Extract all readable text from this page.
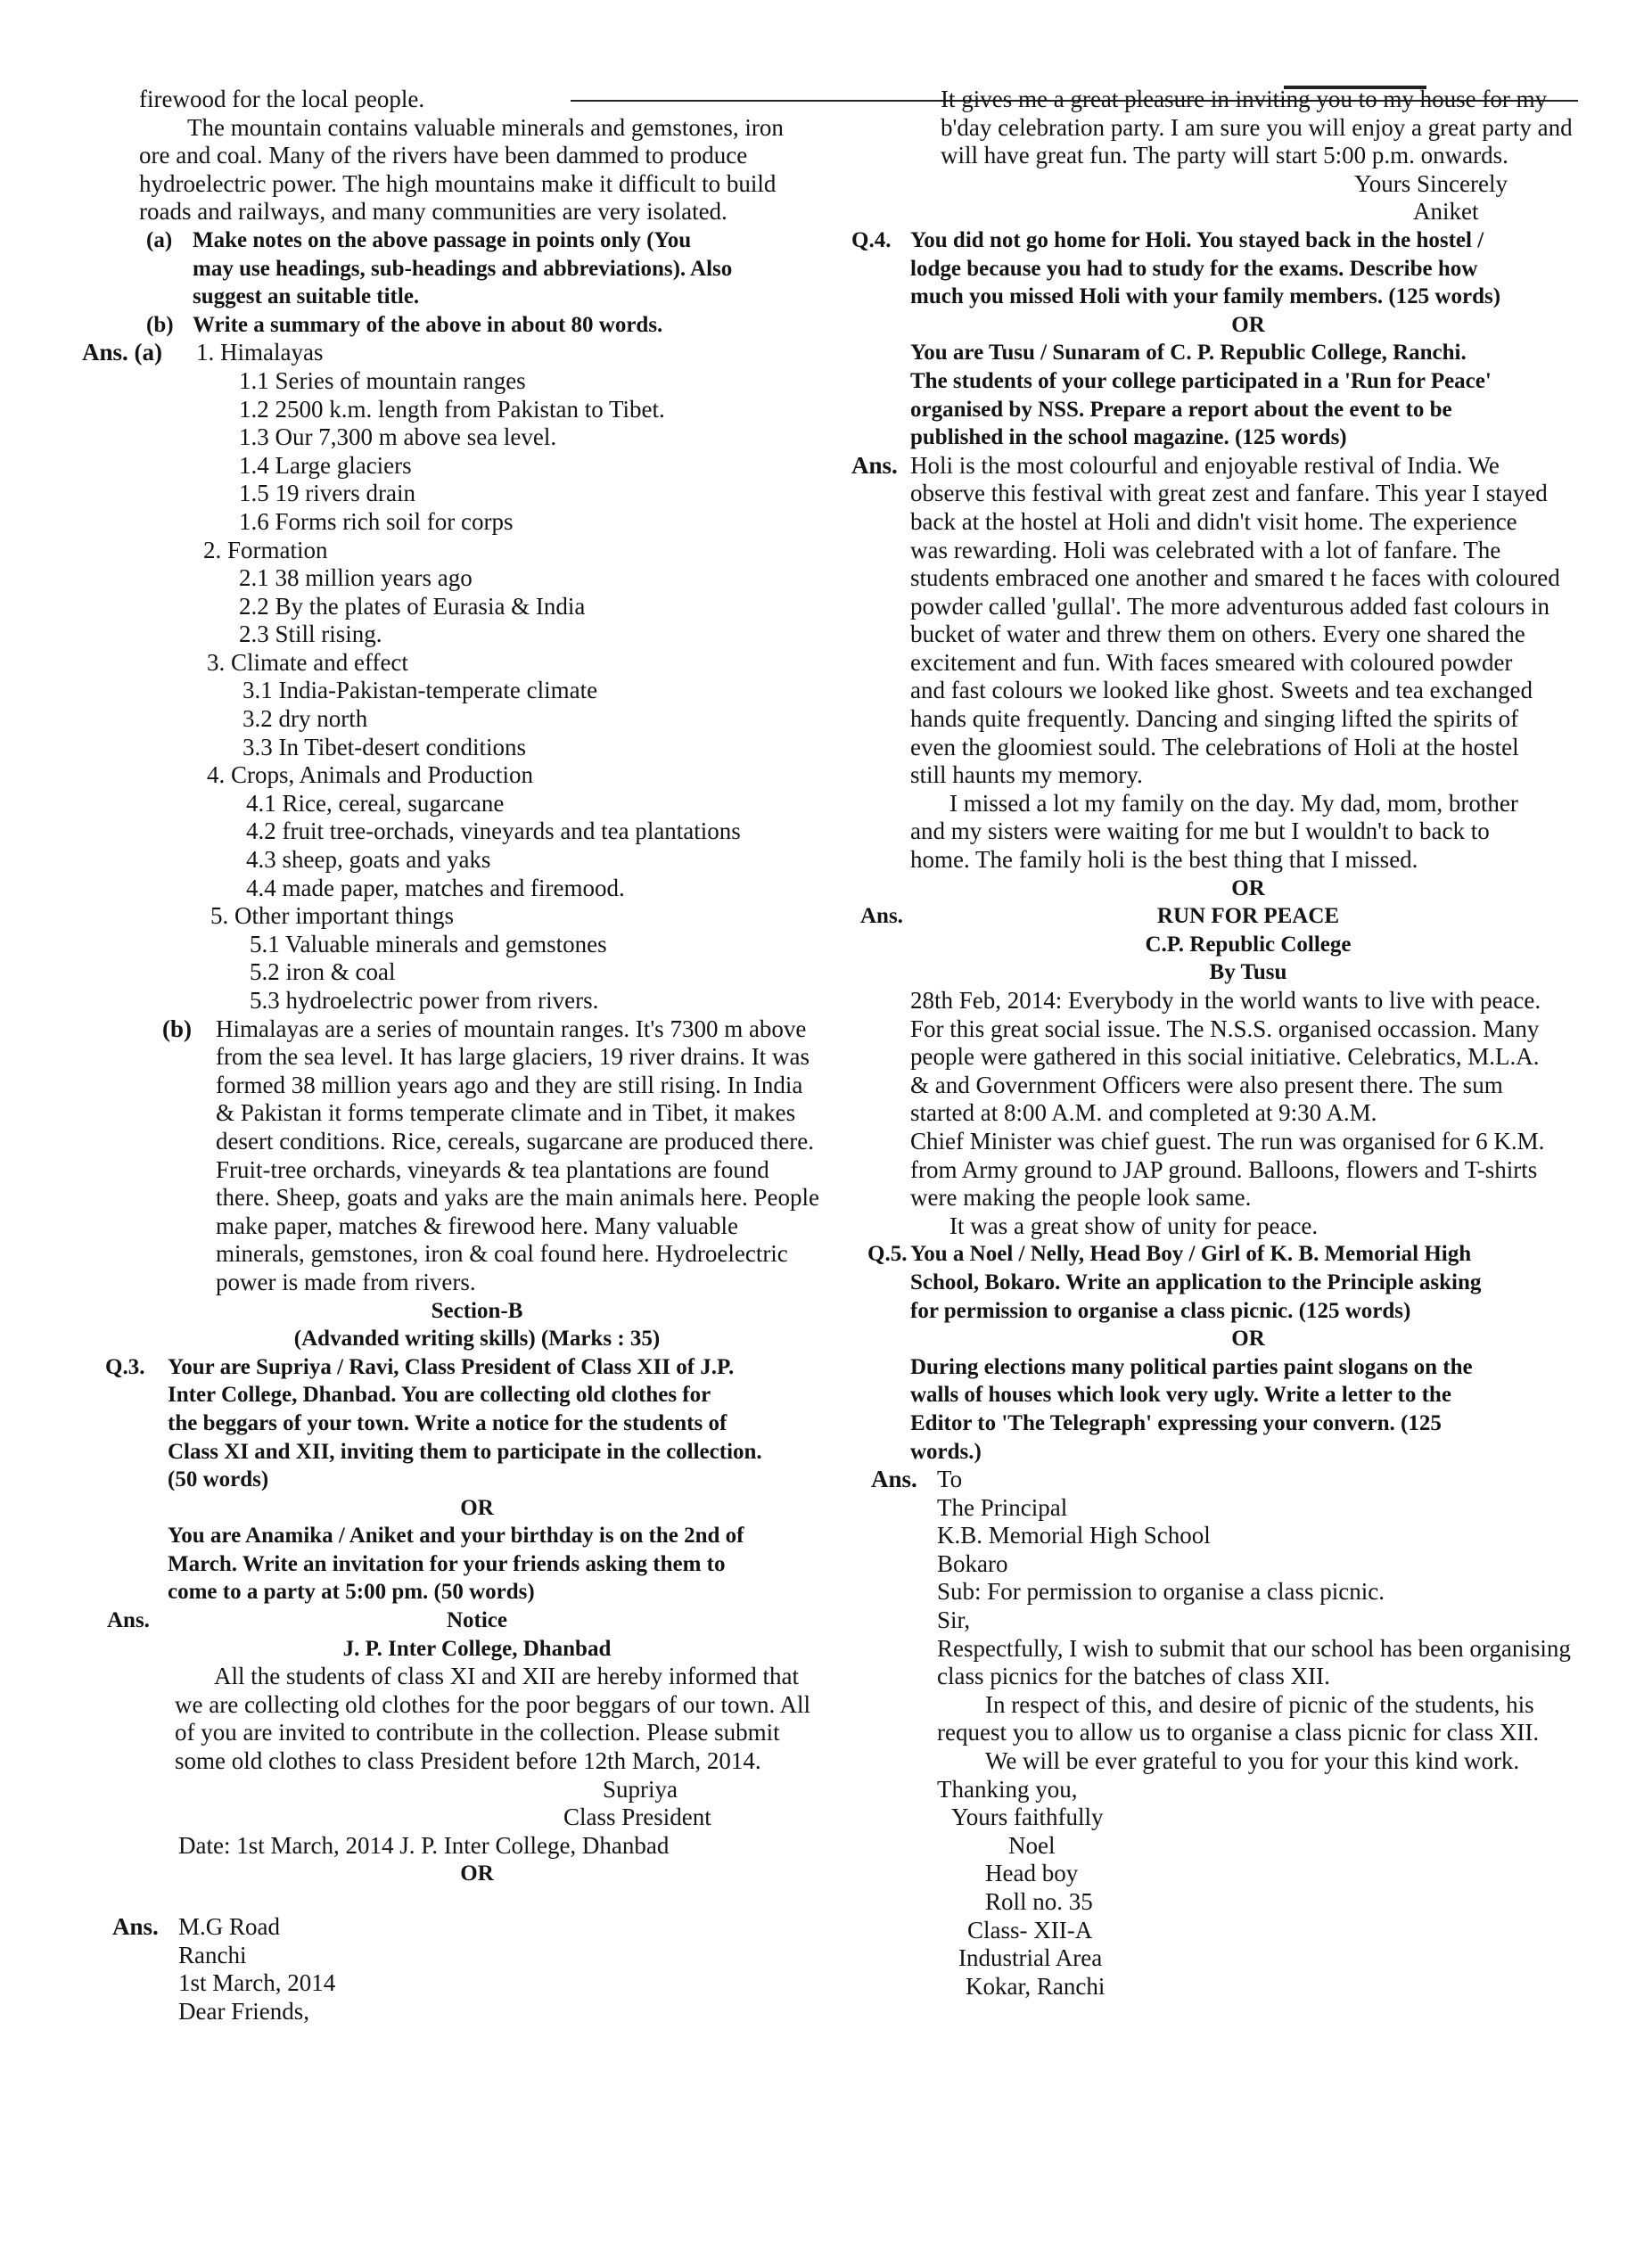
firewood for the local people.
The mountain contains valuable minerals and gemstones, iron
ore and coal. Many of the rivers have been dammed to produce
hydroelectric power. The high mountains make it difficult to build
roads and railways, and many communities are very isolated.
(a) Make notes on the above passage in points only (You
may use headings, sub-headings and abbreviations). Also
suggest an suitable title.
(b) Write a summary of the above in about 80 words.
Ans. (a) 1. Himalayas
1.1 Series of mountain ranges
1.2 2500 k.m. length from Pakistan to Tibet.
1.3 Our 7,300 m above sea level.
1.4 Large glaciers
1.5 19 rivers drain
1.6 Forms rich soil for corps
2. Formation
2.1 38 million years ago
2.2 By the plates of Eurasia & India
2.3 Still rising.
3. Climate and effect
3.1 India-Pakistan-temperate climate
3.2 dry north
3.3 In Tibet-desert conditions
4. Crops, Animals and Production
4.1 Rice, cereal, sugarcane
4.2 fruit tree-orchads, vineyards and tea plantations
4.3 sheep, goats and yaks
4.4 made paper, matches and firemood.
5. Other important things
5.1 Valuable minerals and gemstones
5.2 iron & coal
5.3 hydroelectric power from rivers.
(b) Himalayas are a series of mountain ranges. It's 7300 m above
from the sea level. It has large glaciers, 19 river drains. It was
formed 38 million years ago and they are still rising. In India
& Pakistan it forms temperate climate and in Tibet, it makes
desert conditions. Rice, cereals, sugarcane are produced there.
Fruit-tree orchards, vineyards & tea plantations are found
there. Sheep, goats and yaks are the main animals here. People
make paper, matches & firewood here. Many valuable
minerals, gemstones, iron & coal found here. Hydroelectric
power is made from rivers.
Section-B
(Advanded writing skills) (Marks : 35)
Q.3. Your are Supriya / Ravi, Class President of Class XII of J.P.
Inter College, Dhanbad. You are collecting old clothes for
the beggars of your town. Write a notice for the students of
Class XI and XII, inviting them to participate in the collection.
(50 words)
OR
You are Anamika / Aniket and your birthday is on the 2nd of
March. Write an invitation for your friends asking them to
come to a party at 5:00 pm. (50 words)
Ans.	Notice
J. P. Inter College, Dhanbad
All the students of class XI and XII are hereby informed that
we are collecting old clothes for the poor beggars of our town. All
of you are invited to contribute in the collection. Please submit
some old clothes to class President before 12th March, 2014.
Supriya
Class President
Date: 1st March, 2014 J. P. Inter College, Dhanbad
OR
Ans. M.G Road
Ranchi
1st March, 2014
Dear Friends,
It gives me a great pleasure in inviting you to my house for my
b'day celebration party. I am sure you will enjoy a great party and
will have great fun. The party will start 5:00 p.m. onwards.
Yours Sincerely
Aniket
Q.4. You did not go home for Holi. You stayed back in the hostel /
lodge because you had to study for the exams. Describe how
much you missed Holi with your family members. (125 words)
OR
You are Tusu / Sunaram of C. P. Republic College, Ranchi.
The students of your college participated in a 'Run for Peace'
organised by NSS. Prepare a report about the event to be
published in the school magazine. (125 words)
Ans. Holi is the most colourful and enjoyable restival of India. We
observe this festival with great zest and fanfare. This year I stayed
back at the hostel at Holi and didn't visit home. The experience
was rewarding. Holi was celebrated with a lot of fanfare. The
students embraced one another and smared t he faces with coloured
powder called 'gullal'. The more adventurous added fast colours in
bucket of water and threw them on others. Every one shared the
excitement and fun. With faces smeared with coloured powder
and fast colours we looked like ghost. Sweets and tea exchanged
hands quite frequently. Dancing and singing lifted the spirits of
even the gloomiest sould. The celebrations of Holi at the hostel
still haunts my memory.
I missed a lot my family on the day. My dad, mom, brother
and my sisters were waiting for me but I wouldn't to back to
home. The family holi is the best thing that I missed.
OR
Ans.	RUN FOR PEACE
C.P. Republic College
By Tusu
28th Feb, 2014: Everybody in the world wants to live with peace.
For this great social issue. The N.S.S. organised occassion. Many
people were gathered in this social initiative. Celebratics, M.L.A.
& and Government Officers were also present there. The sum
started at 8:00 A.M. and completed at 9:30 A.M.
Chief Minister was chief guest. The run was organised for 6 K.M.
from Army ground to JAP ground. Balloons, flowers and T-shirts
were making the people look same.
It was a great show of unity for peace.
Q.5. You a Noel / Nelly, Head Boy / Girl of K. B. Memorial High
School, Bokaro. Write an application to the Principle asking
for permission to organise a class picnic. (125 words)
OR
During elections many political parties paint slogans on the
walls of houses which look very ugly. Write a letter to the
Editor to 'The Telegraph' expressing your convern. (125
words.)
Ans. To
The Principal
K.B. Memorial High School
Bokaro
Sub: For permission to organise a class picnic.
Sir,
Respectfully, I wish to submit that our school has been organising
class picnics for the batches of class XII.
In respect of this, and desire of picnic of the students, his
request you to allow us to organise a class picnic for class XII.
We will be ever grateful to you for your this kind work.
Thanking you,
Yours faithfully
Noel
Head boy
Roll no. 35
Class- XII-A
Industrial Area
Kokar, Ranchi
